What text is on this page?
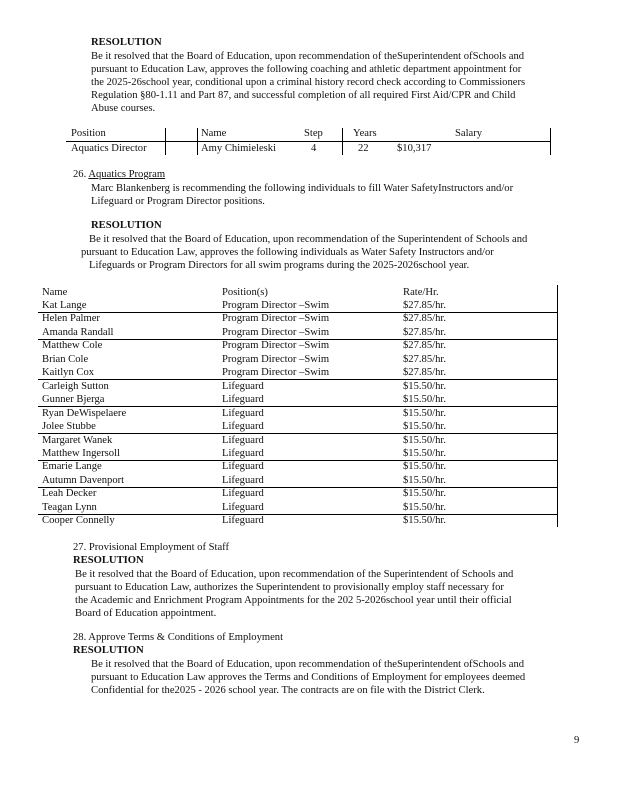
RESOLUTION
Be it resolved that the Board of Education, upon recommendation of theSuperintendent ofSchools and
pursuant to Education Law, approves the following coaching and athletic department appointment for
the 2025-26school year, conditional upon a criminal history record check according to Commissioners
Regulation §80-1.11 and Part 87, and successful completion of all required First Aid/CPR and Child
Abuse courses.
Position	Name	Step	Years	Salary
Aquatics Director	Amy Chimieleski	4	22	$10,317
26. Aquatics Program
Marc Blankenberg is recommending the following individuals to fill Water SafetyInstructors and/or
Lifeguard or Program Director positions.
RESOLUTION
Be it resolved that the Board of Education, upon recommendation of the Superintendent of Schools and
pursuant to Education Law, approves the following individuals as Water Safety Instructors and/or
Lifeguards or Program Directors for all swim programs during the 2025-2026school year.
Name	Position(s)	Rate/Hr.
Kat Lange	Program Director –Swim	$27.85/hr.
Helen Palmer	Program Director –Swim	$27.85/hr.
Amanda Randall	Program Director –Swim	$27.85/hr.
Matthew Cole	Program Director –Swim	$27.85/hr.
Brian Cole	Program Director –Swim	$27.85/hr.
Kaitlyn Cox	Program Director –Swim	$27.85/hr.
Carleigh Sutton	Lifeguard	$15.50/hr.
Gunner Bjerga	Lifeguard	$15.50/hr.
Ryan DeWispelaere	Lifeguard	$15.50/hr.
Jolee Stubbe	Lifeguard	$15.50/hr.
Margaret Wanek	Lifeguard	$15.50/hr.
Matthew Ingersoll	Lifeguard	$15.50/hr.
Emarie Lange	Lifeguard	$15.50/hr.
Autumn Davenport	Lifeguard	$15.50/hr.
Leah Decker	Lifeguard	$15.50/hr.
Teagan Lynn	Lifeguard	$15.50/hr.
Cooper Connelly	Lifeguard	$15.50/hr.
27. Provisional Employment of Staff
RESOLUTION
Be it resolved that the Board of Education, upon recommendation of the Superintendent of Schools and
pursuant to Education Law, authorizes the Superintendent to provisionally employ staff necessary for
the Academic and Enrichment Program Appointments for the 202 5-2026school year until their official
Board of Education appointment.
28. Approve Terms & Conditions of Employment
RESOLUTION
Be it resolved that the Board of Education, upon recommendation of theSuperintendent ofSchools and
pursuant to Education Law approves the Terms and Conditions of Employment for employees deemed
Confidential for the2025 - 2026 school year. The contracts are on file with the District Clerk.
9
